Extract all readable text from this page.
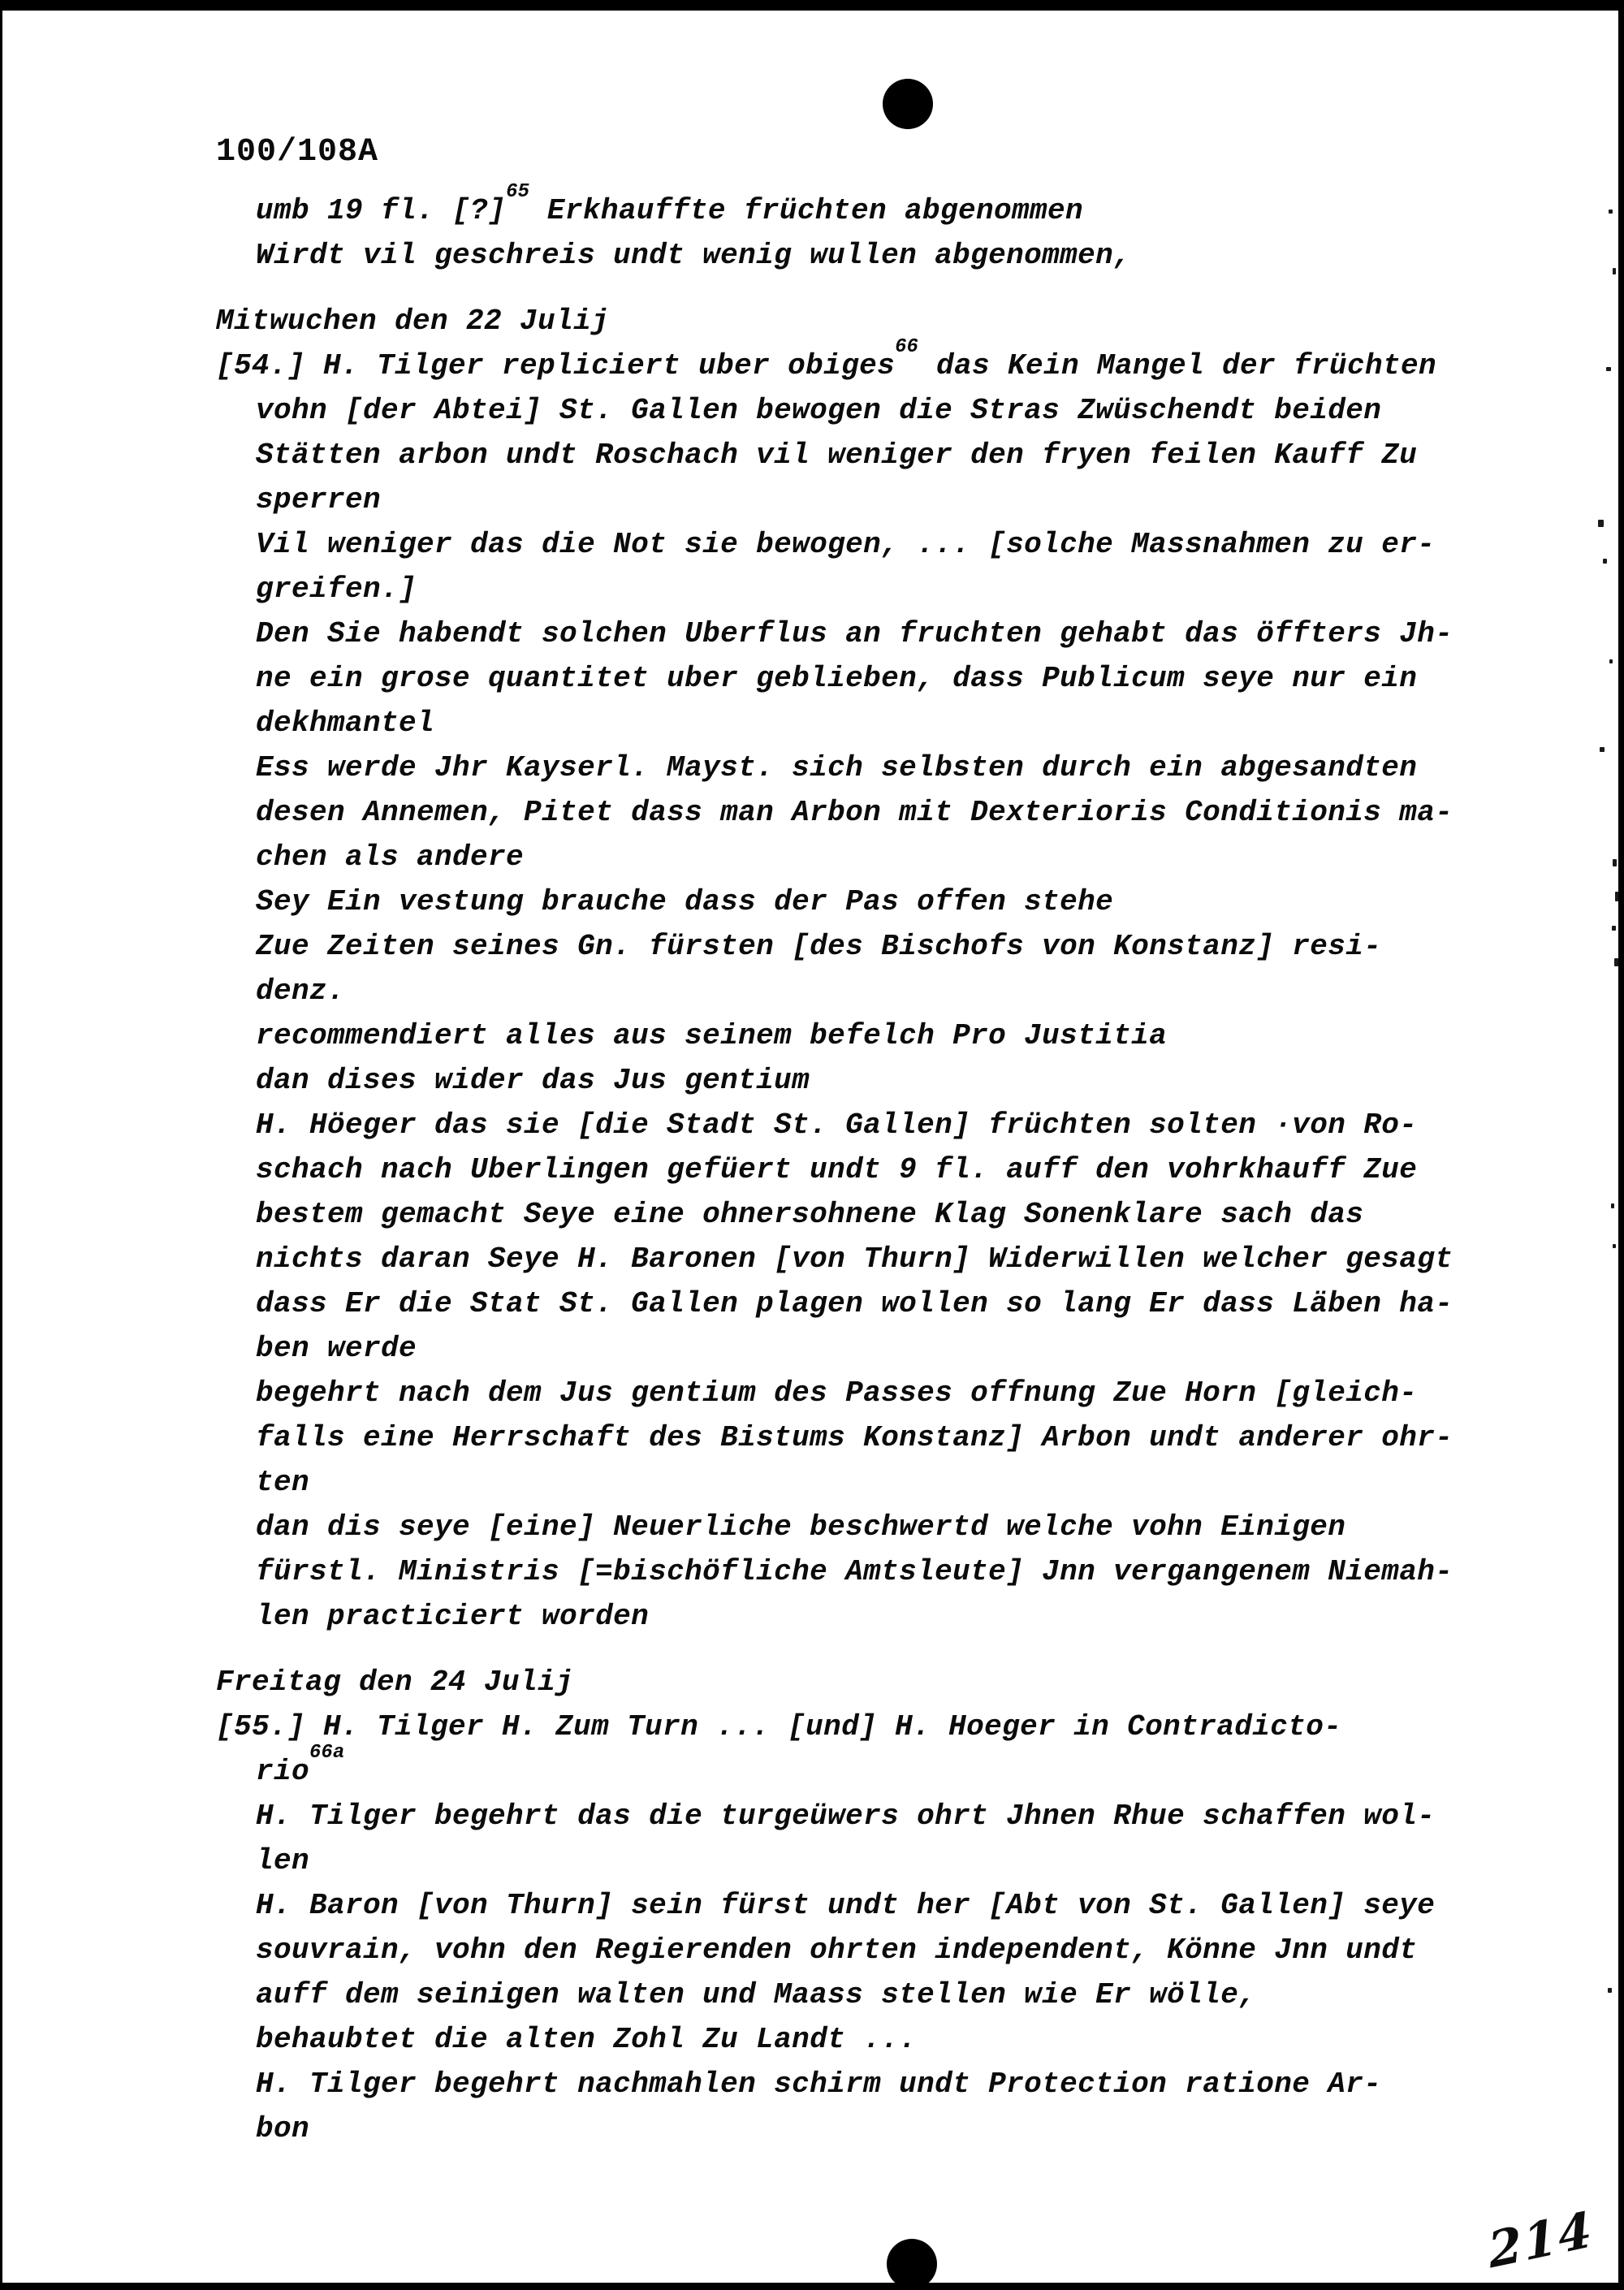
100/108A
umb 19 fl. [?]$^{65}$ Erkhauffte früchten abgenommen
Wirdt vil geschreis undt wenig wullen abgenommen,
Mitwuchen den 22 Julij
[54.] H. Tilger repliciert uber obiges$^{66}$ das Kein Mangel der früchten
vohn [der Abtei] St. Gallen bewogen die Stras Zwüschendt beiden
Stätten arbon undt Roschach vil weniger den fryen feilen Kauff Zu
sperren
Vil weniger das die Not sie bewogen, ... [solche Massnahmen zu er-
greifen.]
Den Sie habendt solchen Uberflus an fruchten gehabt das öffters Jh-
ne ein grose quantitet uber geblieben, dass Publicum seye nur ein
dekhmantel
Ess werde Jhr Kayserl. Mayst. sich selbsten durch ein abgesandten
desen Annemen, Pitet dass man Arbon mit Dexterioris Conditionis ma-
chen als andere
Sey Ein vestung brauche dass der Pas offen stehe
Zue Zeiten seines Gn. fürsten [des Bischofs von Konstanz] resi-
denz.
recommendiert alles aus seinem befelch Pro Justitia
dan dises wider das Jus gentium
H. Höeger das sie [die Stadt St. Gallen] früchten solten ·von Ro-
schach nach Uberlingen gefüert undt 9 fl. auff den vohrkhauff Zue
bestem gemacht Seye eine ohnersohnene Klag Sonenklare sach das
nichts daran Seye H. Baronen [von Thurn] Widerwillen welcher gesagt
dass Er die Stat St. Gallen plagen wollen so lang Er dass Läben ha-
ben werde
begehrt nach dem Jus gentium des Passes offnung Zue Horn [gleich-
falls eine Herrschaft des Bistums Konstanz] Arbon undt anderer ohr-
ten
dan dis seye [eine] Neuerliche beschwertd welche vohn Einigen
fürstl. Ministris [=bischöfliche Amtsleute] Jnn vergangenem Niemah-
len practiciert worden
Freitag den 24 Julij
[55.] H. Tilger H. Zum Turn ... [und] H. Hoeger in Contradicto-
rio$^{66a}$
H. Tilger begehrt das die turgeüwers ohrt Jhnen Rhue schaffen wol-
len
H. Baron [von Thurn] sein fürst undt her [Abt von St. Gallen] seye
souvrain, vohn den Regierenden ohrten independent, Könne Jnn undt
auff dem seinigen walten und Maass stellen wie Er wölle,
behaubtet die alten Zohl Zu Landt ...
H. Tilger begehrt nachmahlen schirm undt Protection ratione Ar-
bon
214
